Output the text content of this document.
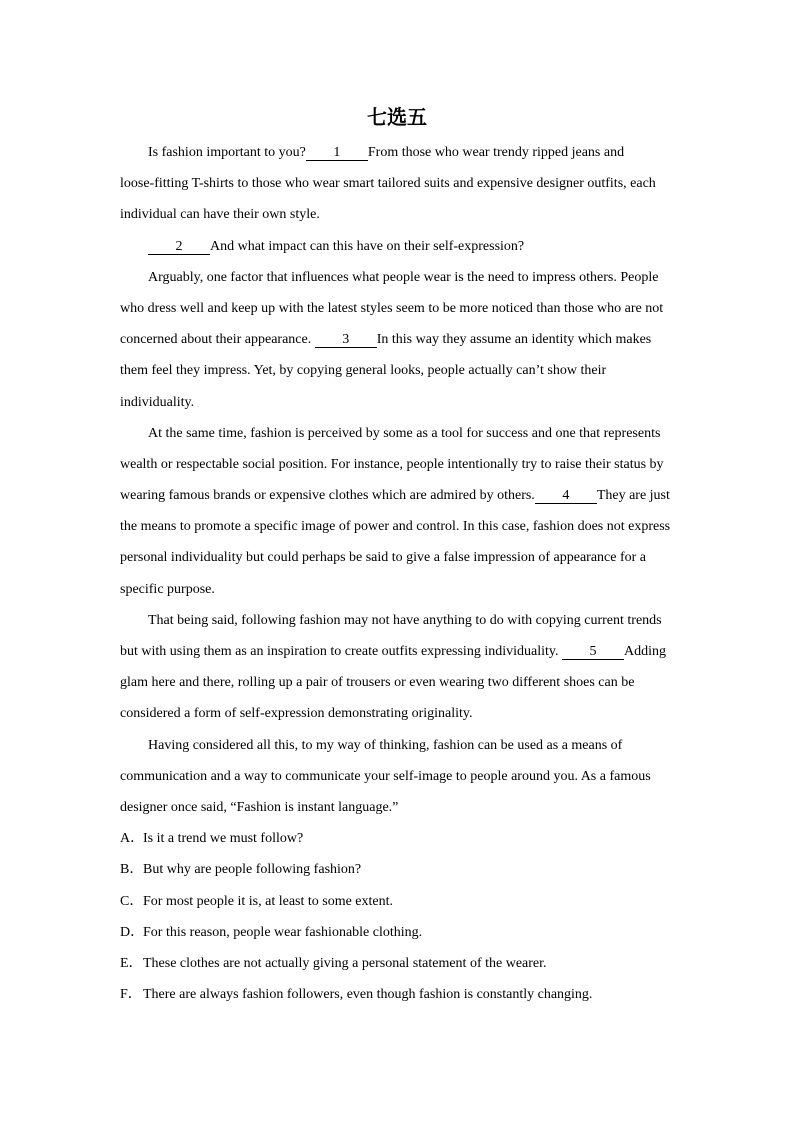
七选五
Is fashion important to you? 1 From those who wear trendy ripped jeans and
loose-fitting T-shirts to those who wear smart tailored suits and expensive designer outfits, each
individual can have their own style.
2 And what impact can this have on their self-expression?
Arguably, one factor that influences what people wear is the need to impress others. People
who dress well and keep up with the latest styles seem to be more noticed than those who are not
concerned about their appearance. 3 In this way they assume an identity which makes
them feel they impress. Yet, by copying general looks, people actually can’t show their
individuality.
At the same time, fashion is perceived by some as a tool for success and one that represents
wealth or respectable social position. For instance, people intentionally try to raise their status by
wearing famous brands or expensive clothes which are admired by others. 4 They are just
the means to promote a specific image of power and control. In this case, fashion does not express
personal individuality but could perhaps be said to give a false impression of appearance for a
specific purpose.
That being said, following fashion may not have anything to do with copying current trends
but with using them as an inspiration to create outfits expressing individuality. 5 Adding
glam here and there, rolling up a pair of trousers or even wearing two different shoes can be
considered a form of self-expression demonstrating originality.
Having considered all this, to my way of thinking, fashion can be used as a means of
communication and a way to communicate your self-image to people around you. As a famous
designer once said, “Fashion is instant language.”
A．Is it a trend we must follow?
B．But why are people following fashion?
C．For most people it is, at least to some extent.
D．For this reason, people wear fashionable clothing.
E．These clothes are not actually giving a personal statement of the wearer.
F．There are always fashion followers, even though fashion is constantly changing.
